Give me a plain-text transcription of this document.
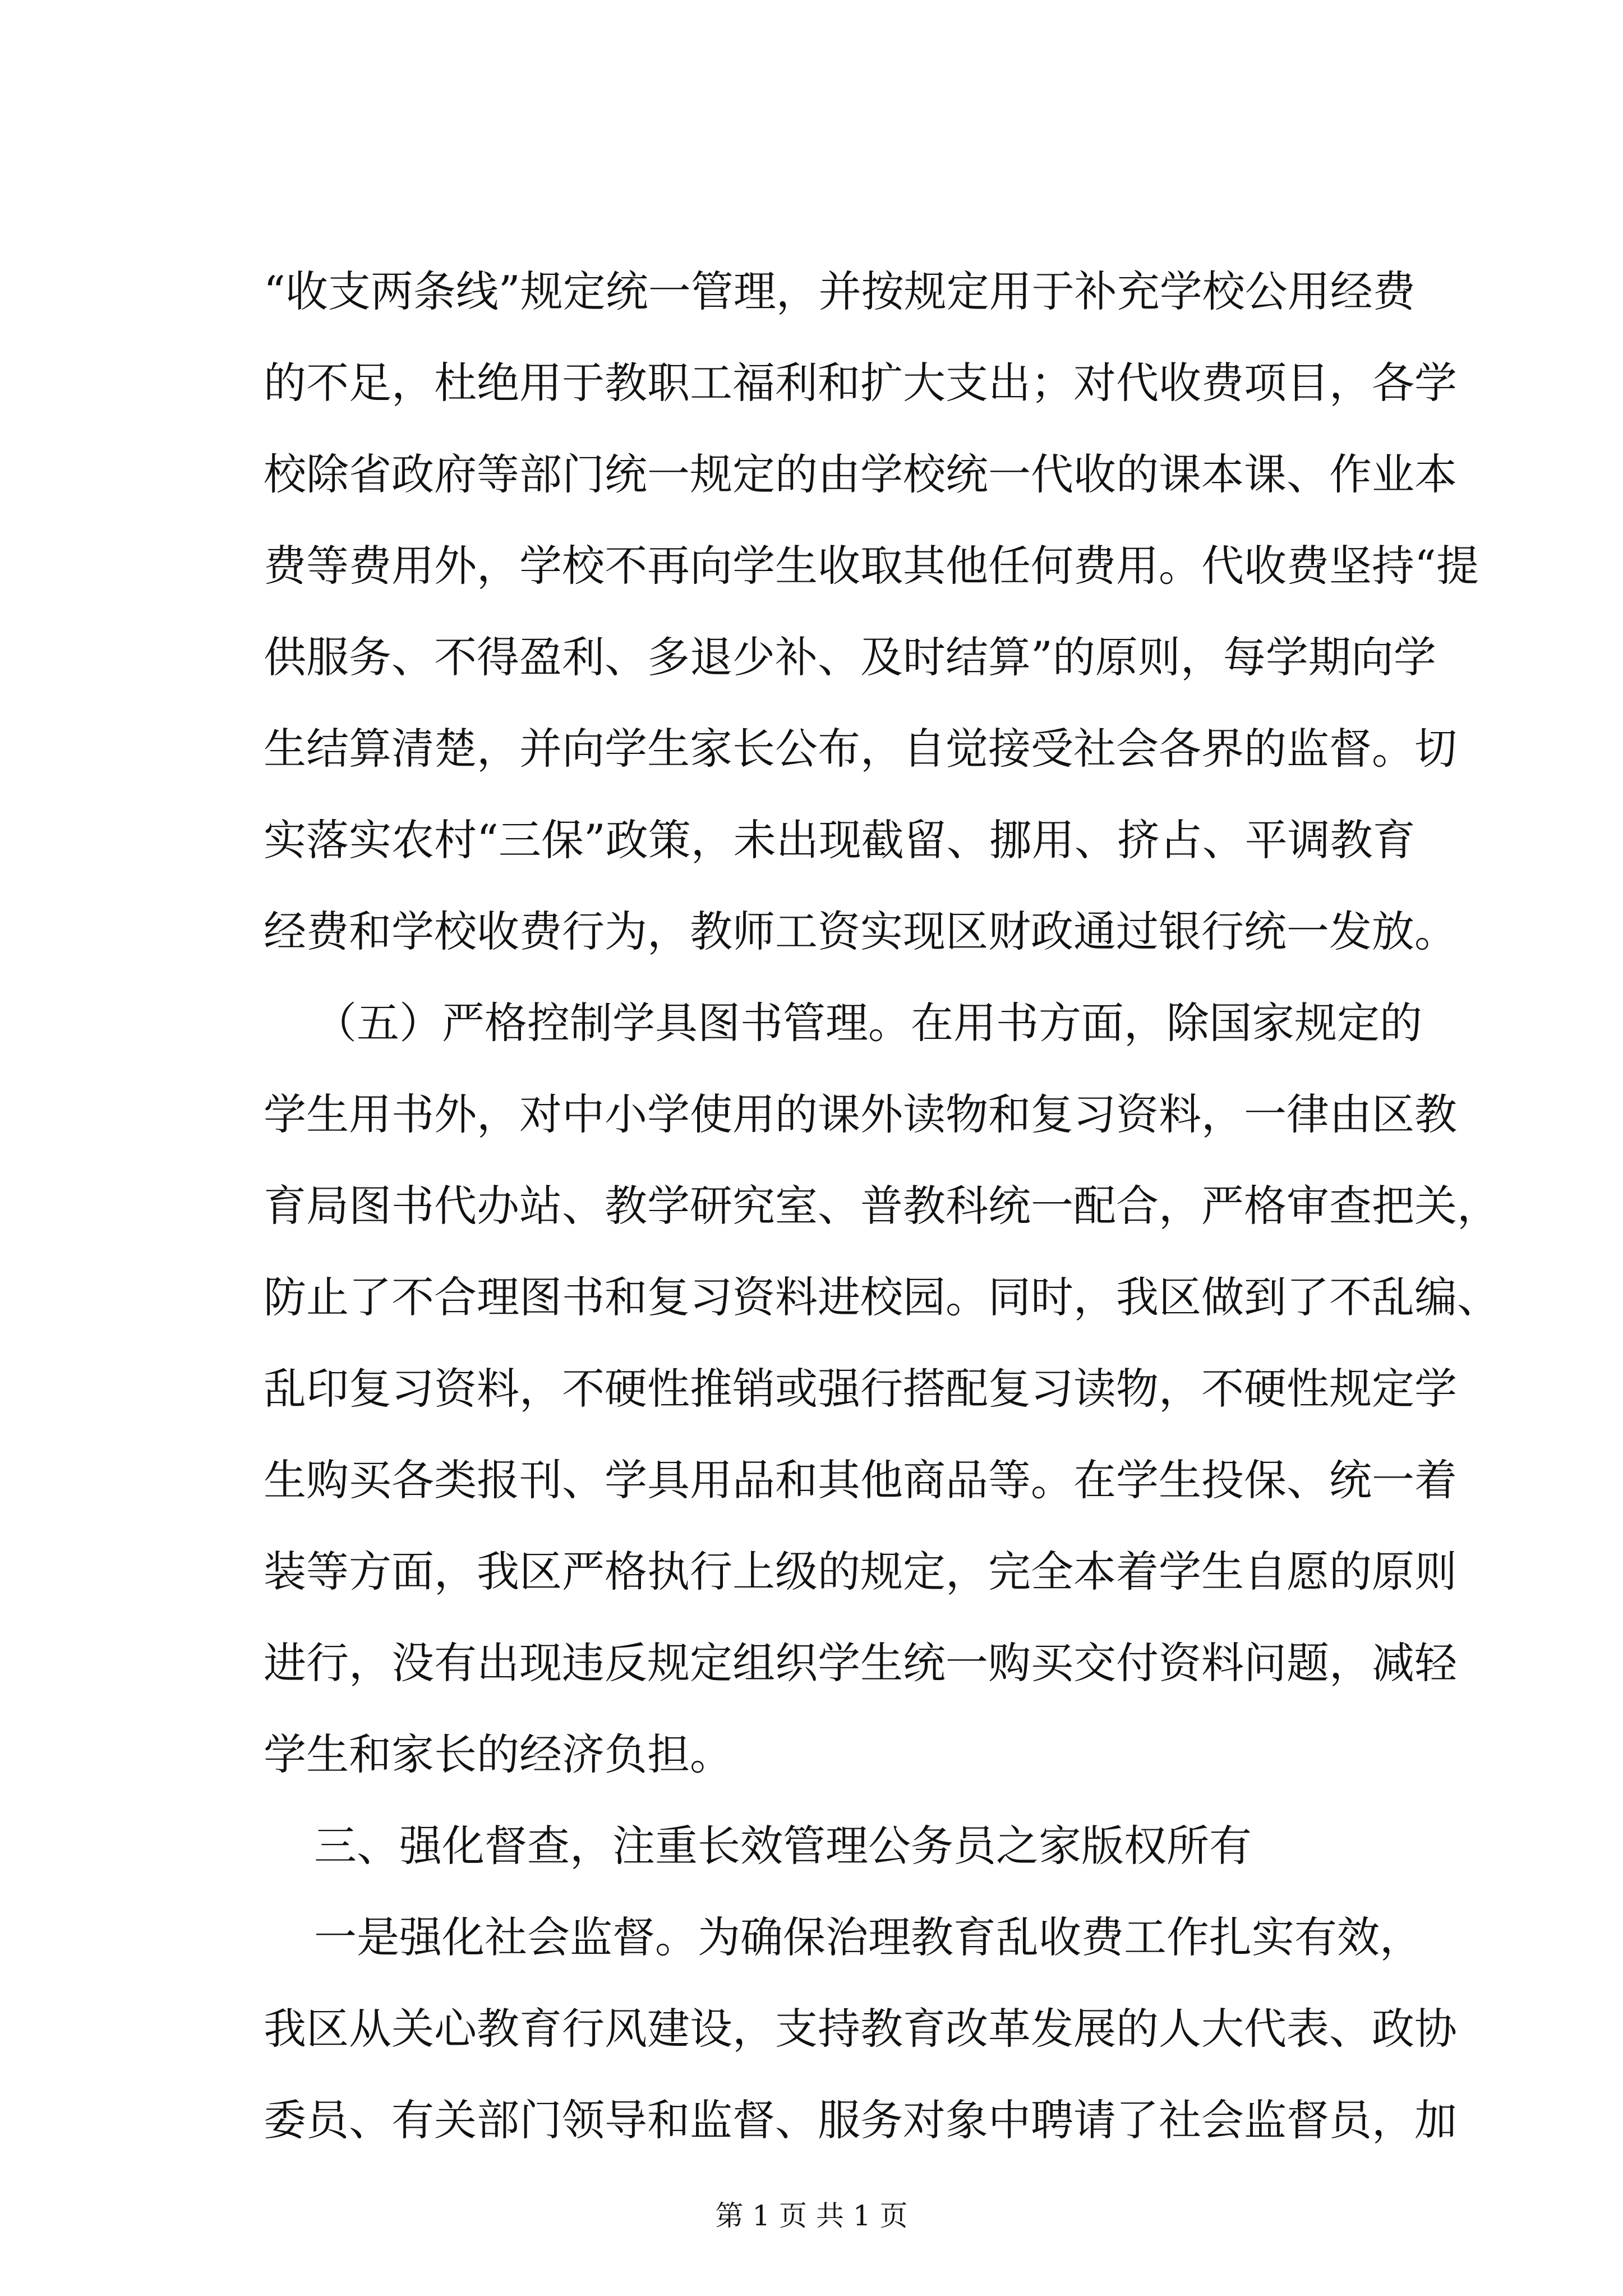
“收支两条线”规定统一管理，并按规定用于补充学校公用经费
的不足，杜绝用于教职工福利和扩大支出；对代收费项目，各学
校除省政府等部门统一规定的由学校统一代收的课本课、作业本
费等费用外，学校不再向学生收取其他任何费用。代收费坚持“提
供服务、不得盈利、多退少补、及时结算”的原则，每学期向学
生结算清楚，并向学生家长公布，自觉接受社会各界的监督。切
实落实农村“三保”政策，未出现截留、挪用、挤占、平调教育
经费和学校收费行为，教师工资实现区财政通过银行统一发放。
（五）严格控制学具图书管理。在用书方面，除国家规定的
学生用书外，对中小学使用的课外读物和复习资料，一律由区教
育局图书代办站、教学研究室、普教科统一配合，严格审查把关，
防止了不合理图书和复习资料进校园。同时，我区做到了不乱编、
乱印复习资料，不硬性推销或强行搭配复习读物，不硬性规定学
生购买各类报刊、学具用品和其他商品等。在学生投保、统一着
装等方面，我区严格执行上级的规定，完全本着学生自愿的原则
进行，没有出现违反规定组织学生统一购买交付资料问题，减轻
学生和家长的经济负担。
三、强化督查，注重长效管理公务员之家版权所有
一是强化社会监督。为确保治理教育乱收费工作扎实有效，
我区从关心教育行风建设，支持教育改革发展的人大代表、政协
委员、有关部门领导和监督、服务对象中聘请了社会监督员，加
第 1 页 共 1 页
